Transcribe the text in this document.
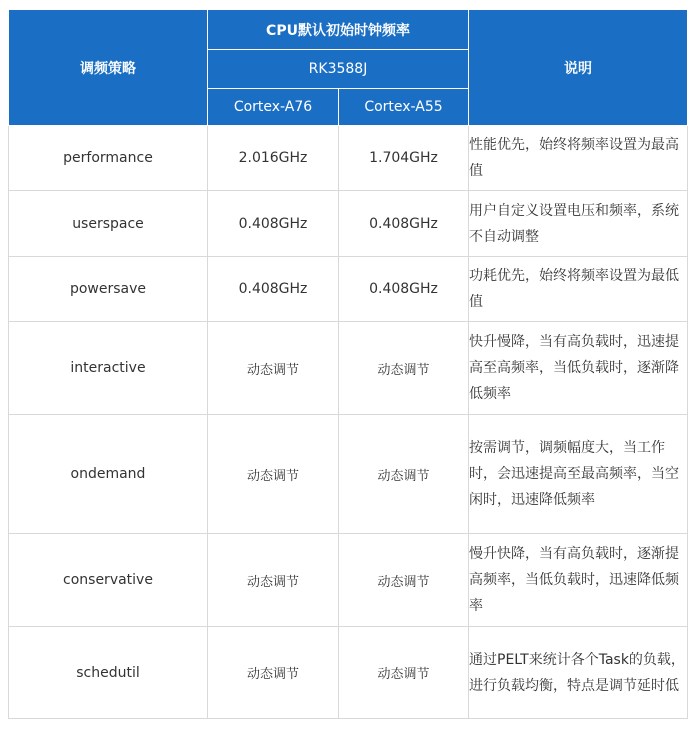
调频策略	CPU默认初始时钟频率		说明
	RK3588J		
	Cortex-A76	Cortex-A55	
performance	2.016GHz	1.704GHz	性能优先，始终将频率设置为最高值
userspace	0.408GHz	0.408GHz	用户自定义设置电压和频率，系统不自动调整
powersave	0.408GHz	0.408GHz	功耗优先，始终将频率设置为最低值
interactive	动态调节	动态调节	快升慢降，当有高负载时，迅速提高至高频率，当低负载时，逐渐降低频率
ondemand	动态调节	动态调节	按需调节，调频幅度大，当工作时，会迅速提高至最高频率，当空闲时，迅速降低频率
conservative	动态调节	动态调节	慢升快降，当有高负载时，逐渐提高频率，当低负载时，迅速降低频率
schedutil	动态调节	动态调节	通过PELT来统计各个Task的负载，进行负载均衡，特点是调节延时低
